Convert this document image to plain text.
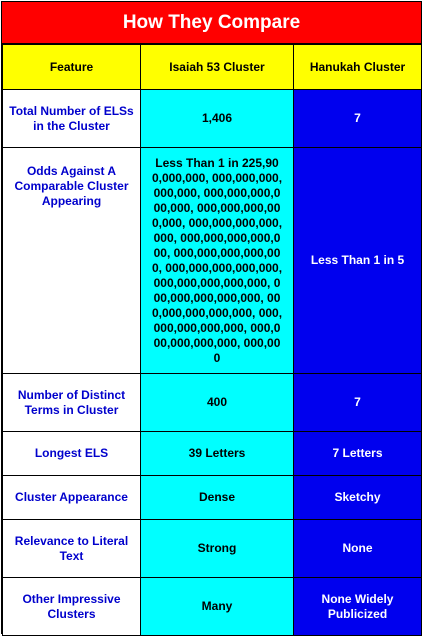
How They Compare
Feature	Isaiah 53 Cluster	Hanukah Cluster
Total Number of ELSs in the Cluster	1,406	7
Odds Against A Comparable Cluster Appearing	Less Than 1 in 225,900,000,000, 000,000,000,000,000, 000,000,000,000,000, 000,000,000,000,000, 000,000,000,000,000, 000,000,000,000,000, 000,000,000,000,000, 000,000,000,000,000, 000,000,000,000,000, 000,000,000,000,000, 000,000,000,000,000, 000,000,000,000,000, 000,000,000,000,000, 000,000	Less Than 1 in 5
Number of Distinct Terms in Cluster	400	7
Longest ELS	39 Letters	7 Letters
Cluster Appearance	Dense	Sketchy
Relevance to Literal Text	Strong	None
Other Impressive Clusters	Many	None Widely Publicized
